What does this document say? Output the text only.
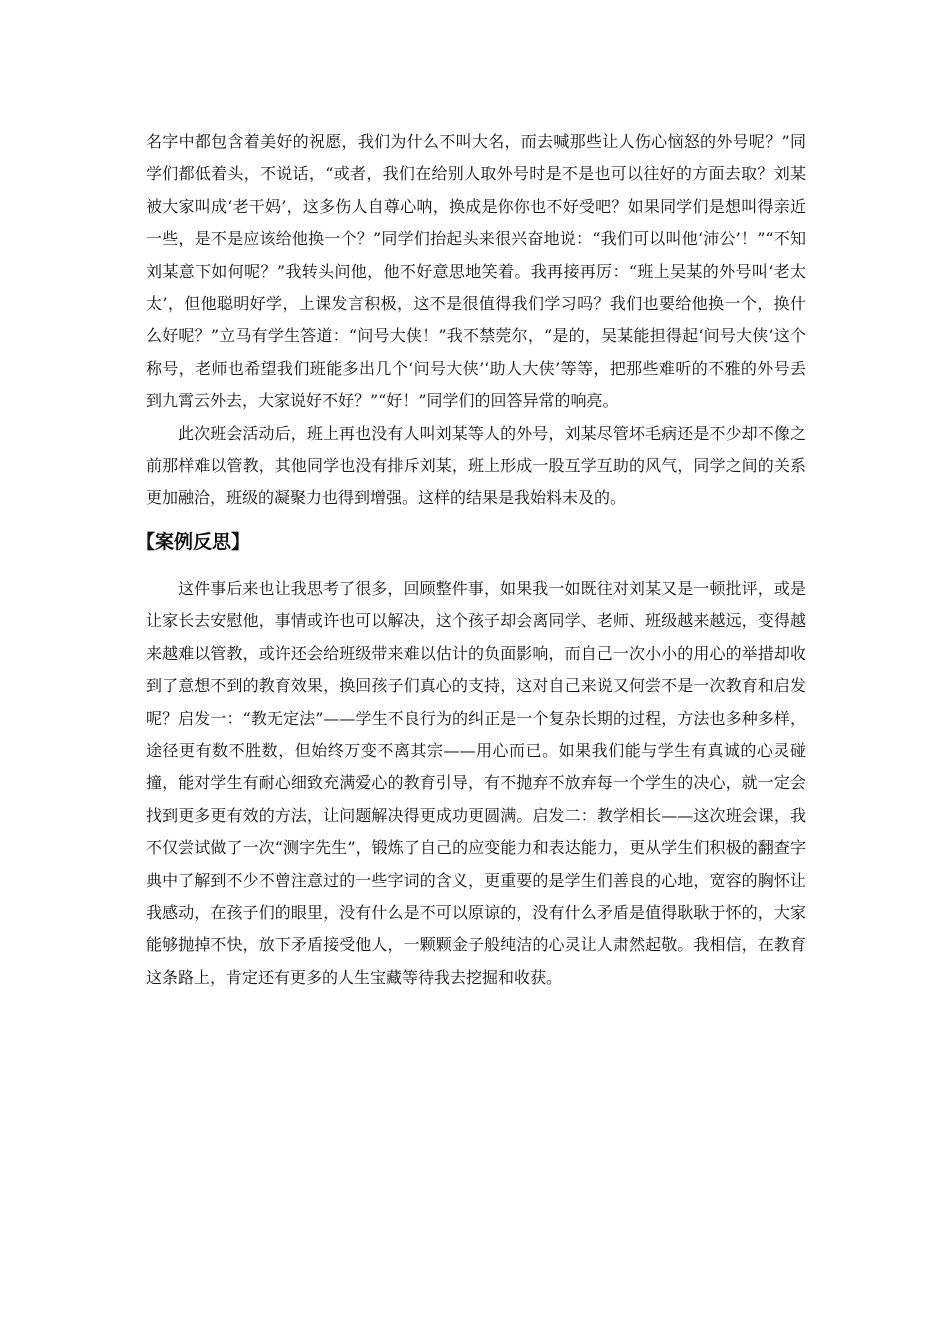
名字中都包含着美好的祝愿，我们为什么不叫大名，而去喊那些让人伤心恼怒的外号呢？”同学们都低着头，不说话，“或者，我们在给别人取外号时是不是也可以往好的方面去取？刘某被大家叫成‘老干妈’，这多伤人自尊心呐，换成是你你也不好受吧？如果同学们是想叫得亲近一些，是不是应该给他换一个？”同学们抬起头来很兴奋地说：“我们可以叫他‘沛公’！”“不知刘某意下如何呢？”我转头问他，他不好意思地笑着。我再接再厉：“班上吴某的外号叫‘老太太’，但他聪明好学，上课发言积极，这不是很值得我们学习吗？我们也要给他换一个，换什么好呢？”立马有学生答道：“问号大侠！”我不禁莞尔，“是的，吴某能担得起‘问号大侠’这个称号，老师也希望我们班能多出几个‘问号大侠’‘助人大侠’等等，把那些难听的不雅的外号丢到九霄云外去，大家说好不好？”“好！”同学们的回答异常的响亮。

此次班会活动后，班上再也没有人叫刘某等人的外号，刘某尽管坏毛病还是不少却不像之前那样难以管教，其他同学也没有排斥刘某，班上形成一股互学互助的风气，同学之间的关系更加融洽，班级的凝聚力也得到增强。这样的结果是我始料未及的。

【案例反思】

这件事后来也让我思考了很多，回顾整件事，如果我一如既往对刘某又是一顿批评，或是让家长去安慰他，事情或许也可以解决，这个孩子却会离同学、老师、班级越来越远，变得越来越难以管教，或许还会给班级带来难以估计的负面影响，而自己一次小小的用心的举措却收到了意想不到的教育效果，换回孩子们真心的支持，这对自己来说又何尝不是一次教育和启发呢？启发一：“教无定法”——学生不良行为的纠正是一个复杂长期的过程，方法也多种多样，途径更有数不胜数，但始终万变不离其宗——用心而已。如果我们能与学生有真诚的心灵碰撞，能对学生有耐心细致充满爱心的教育引导，有不抛弃不放弃每一个学生的决心，就一定会找到更多更有效的方法，让问题解决得更成功更圆满。启发二：教学相长——这次班会课，我不仅尝试做了一次“测字先生”，锻炼了自己的应变能力和表达能力，更从学生们积极的翻查字典中了解到不少不曾注意过的一些字词的含义，更重要的是学生们善良的心地，宽容的胸怀让我感动，在孩子们的眼里，没有什么是不可以原谅的，没有什么矛盾是值得耿耿于怀的，大家能够抛掉不快，放下矛盾接受他人，一颗颗金子般纯洁的心灵让人肃然起敬。我相信，在教育这条路上，肯定还有更多的人生宝藏等待我去挖掘和收获。
